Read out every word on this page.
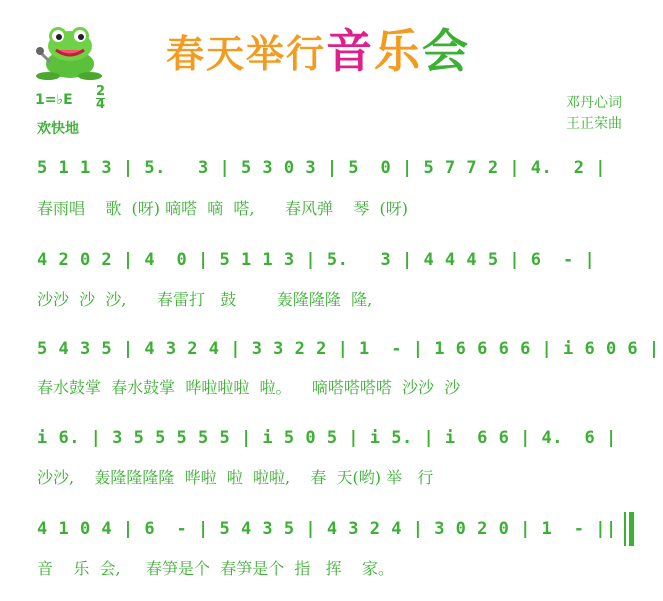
春天举行音乐会
1=♭E
2
4
欢快地
邓丹心词
王正荣曲
5 1 1 3 | 5.   3 | 5 3 0 3 | 5  0 | 5 7 7 2 | 4.  2 |
春雨唱    歌  (呀) 嘀嗒  嘀  嗒,      春风弹    琴  (呀)
4 2 0 2 | 4  0 | 5 1 1 3 | 5.   3 | 4 4 4 5 | 6  - |
沙沙  沙  沙,      春雷打   鼓        轰隆隆隆  隆,
5 4 3 5 | 4 3 2 4 | 3 3 2 2 | 1  - | 1 6 6 6 6 | i 6 0 6 |
春水鼓掌  春水鼓掌  哗啦啦啦  啦。    嘀嗒嗒嗒嗒  沙沙  沙
i 6. | 3 5 5 5 5 5 | i 5 0 5 | i 5. | i  6 6 | 4.  6 |
沙沙,    轰隆隆隆隆  哗啦  啦  啦啦,    春  天(哟) 举   行
4 1 0 4 | 6  - | 5 4 3 5 | 4 3 2 4 | 3 0 2 0 | 1  - ||
音    乐  会,     春笋是个  春笋是个  指   挥    家。
